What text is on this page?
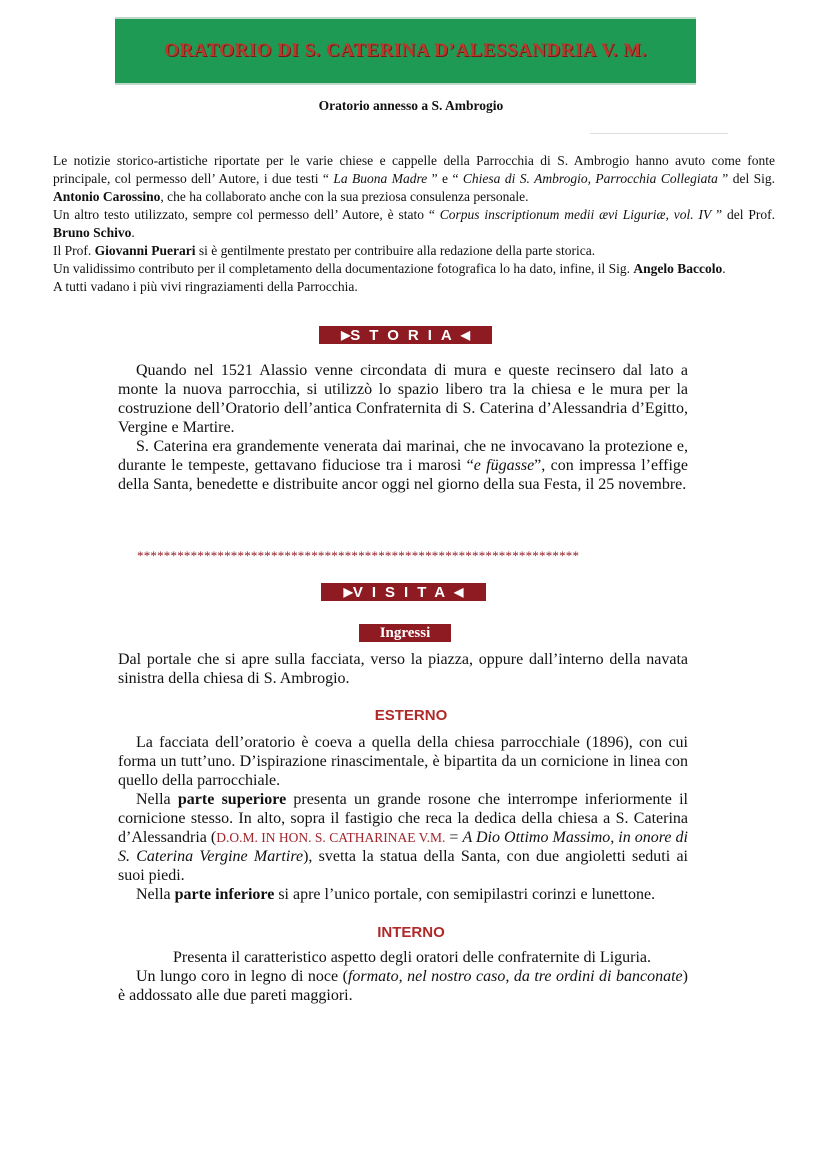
ORATORIO DI S. CATERINA D’ALESSANDRIA V. M.
Oratorio annesso a S. Ambrogio

Le notizie storico-artistiche riportate per le varie chiese e cappelle della Parrocchia di S. Ambrogio hanno avuto come fonte principale, col permesso dell’ Autore, i due testi “ La Buona Madre ” e “ Chiesa di S. Ambrogio, Parrocchia Collegiata ” del Sig. Antonio Carossino, che ha collaborato anche con la sua preziosa consulenza personale.

Un altro testo utilizzato, sempre col permesso dell’ Autore, è stato “ Corpus inscriptionum medii ævi Liguriæ, vol. IV ” del Prof. Bruno Schivo.

Il Prof. Giovanni Puerari si è gentilmente prestato per contribuire alla redazione della parte storica.

Un validissimo contributo per il completamento della documentazione fotografica lo ha dato, infine, il Sig. Angelo Baccolo.

A tutti vadano i più vivi ringraziamenti della Parrocchia.

▶ STORIA ◀

Quando nel 1521 Alassio venne circondata di mura e queste recinsero dal lato a monte la nuova parrocchia, si utilizzò lo spazio libero tra la chiesa e le mura per la costruzione dell’Oratorio dell’antica Confraternita di S. Caterina d’Alessandria d’Egitto, Vergine e Martire.

S. Caterina era grandemente venerata dai marinai, che ne invocavano la protezione e, durante le tempeste, gettavano fiduciose tra i marosi “e fügasse”, con impressa l’effige della Santa, benedette e distribuite ancor oggi nel giorno della sua Festa, il 25 novembre.

******************************************************************
▶ VISITA ◀
Ingressi

Dal portale che si apre sulla facciata, verso la piazza, oppure dall’interno della navata sinistra della chiesa di S. Ambrogio.

ESTERNO

La facciata dell’oratorio è coeva a quella della chiesa parrocchiale (1896), con cui forma un tutt’uno. D’ispirazione rinascimentale, è bipartita da un cornicione in linea con quello della parrocchiale.

Nella parte superiore presenta un grande rosone che interrompe inferiormente il cornicione stesso. In alto, sopra il fastigio che reca la dedica della chiesa a S. Caterina d’Alessandria (D.O.M. IN HON. S. CATHARINAE V.M. = A Dio Ottimo Massimo, in onore di S. Caterina Vergine Martire), svetta la statua della Santa, con due angioletti seduti ai suoi piedi.

Nella parte inferiore si apre l’unico portale, con semipilastri corinzi e lunettone.

INTERNO

Presenta il caratteristico aspetto degli oratori delle confraternite di Liguria.

Un lungo coro in legno di noce (formato, nel nostro caso, da tre ordini di banconate) è addossato alle due pareti maggiori.
